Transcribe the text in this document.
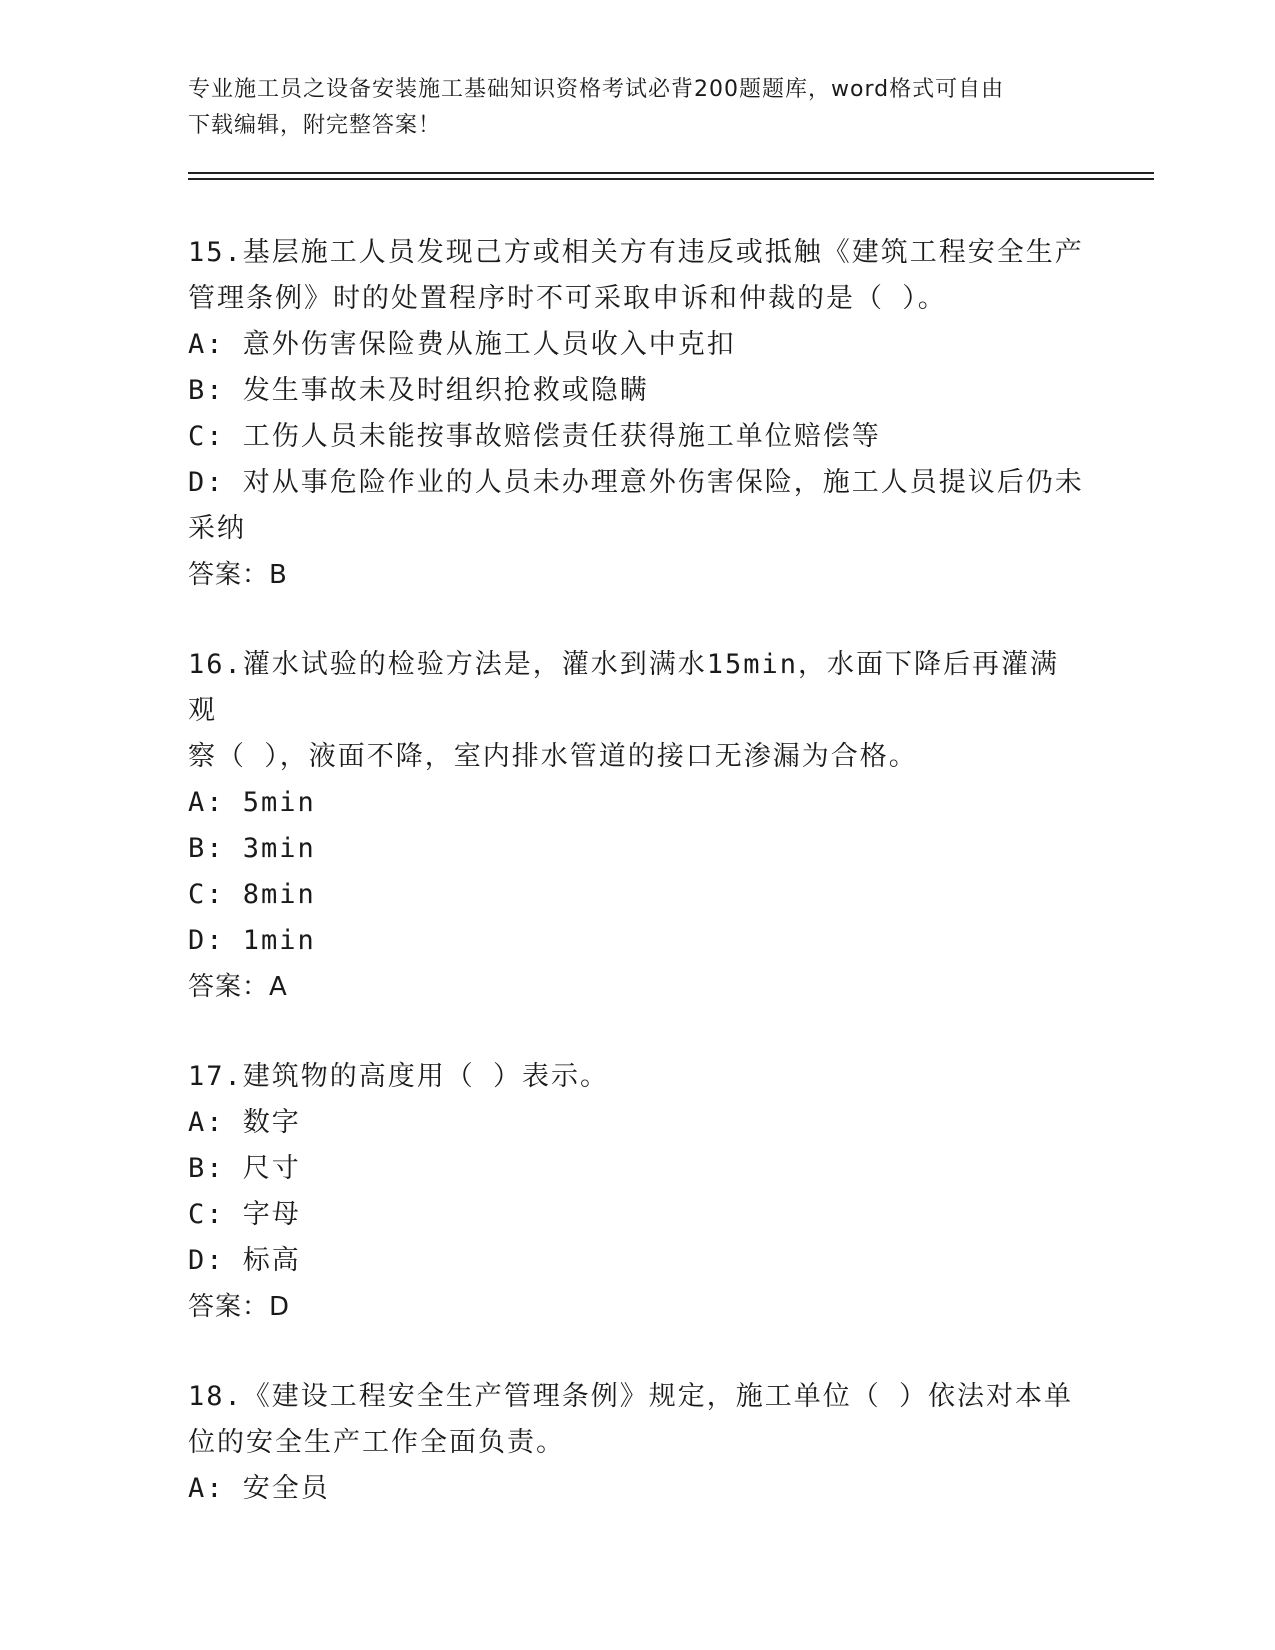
专业施工员之设备安装施工基础知识资格考试必背200题题库，word格式可自由
下载编辑，附完整答案！
15.基层施工人员发现己方或相关方有违反或抵触《建筑工程安全生产
管理条例》时的处置程序时不可采取申诉和仲裁的是（ ）。
A: 意外伤害保险费从施工人员收入中克扣
B: 发生事故未及时组织抢救或隐瞒
C: 工伤人员未能按事故赔偿责任获得施工单位赔偿等
D: 对从事危险作业的人员未办理意外伤害保险，施工人员提议后仍未
采纳
答案：B
16.灌水试验的检验方法是，灌水到满水15min，水面下降后再灌满观
察（ ），液面不降，室内排水管道的接口无渗漏为合格。
A: 5min
B: 3min
C: 8min
D: 1min
答案：A
17.建筑物的高度用（ ）表示。
A: 数字
B: 尺寸
C: 字母
D: 标高
答案：D
18.《建设工程安全生产管理条例》规定，施工单位（ ）依法对本单
位的安全生产工作全面负责。
A: 安全员
